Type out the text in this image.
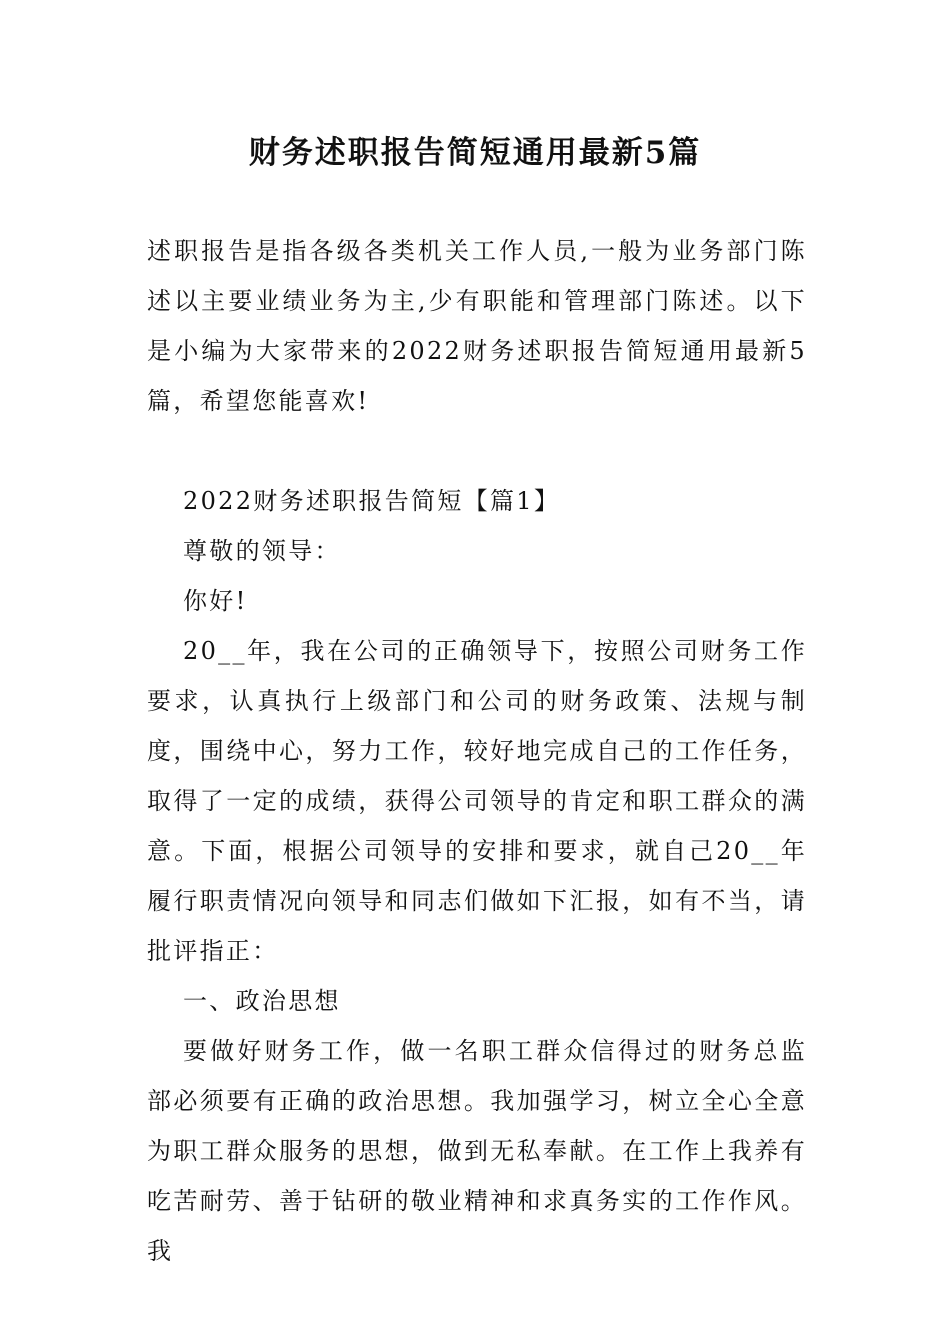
财务述职报告简短通用最新5篇

述职报告是指各级各类机关工作人员,一般为业务部门陈述以主要业绩业务为主,少有职能和管理部门陈述。以下是小编为大家带来的2022财务述职报告简短通用最新5篇，希望您能喜欢!

2022财务述职报告简短【篇1】

尊敬的领导：

你好!

20__年，我在公司的正确领导下，按照公司财务工作要求，认真执行上级部门和公司的财务政策、法规与制度，围绕中心，努力工作，较好地完成自己的工作任务，取得了一定的成绩，获得公司领导的肯定和职工群众的满意。下面，根据公司领导的安排和要求，就自己20__年履行职责情况向领导和同志们做如下汇报，如有不当，请批评指正：

一、政治思想

要做好财务工作，做一名职工群众信得过的财务总监部必须要有正确的政治思想。我加强学习，树立全心全意为职工群众服务的思想，做到无私奉献。在工作上我养有吃苦耐劳、善于钻研的敬业精神和求真务实的工作作风。我
